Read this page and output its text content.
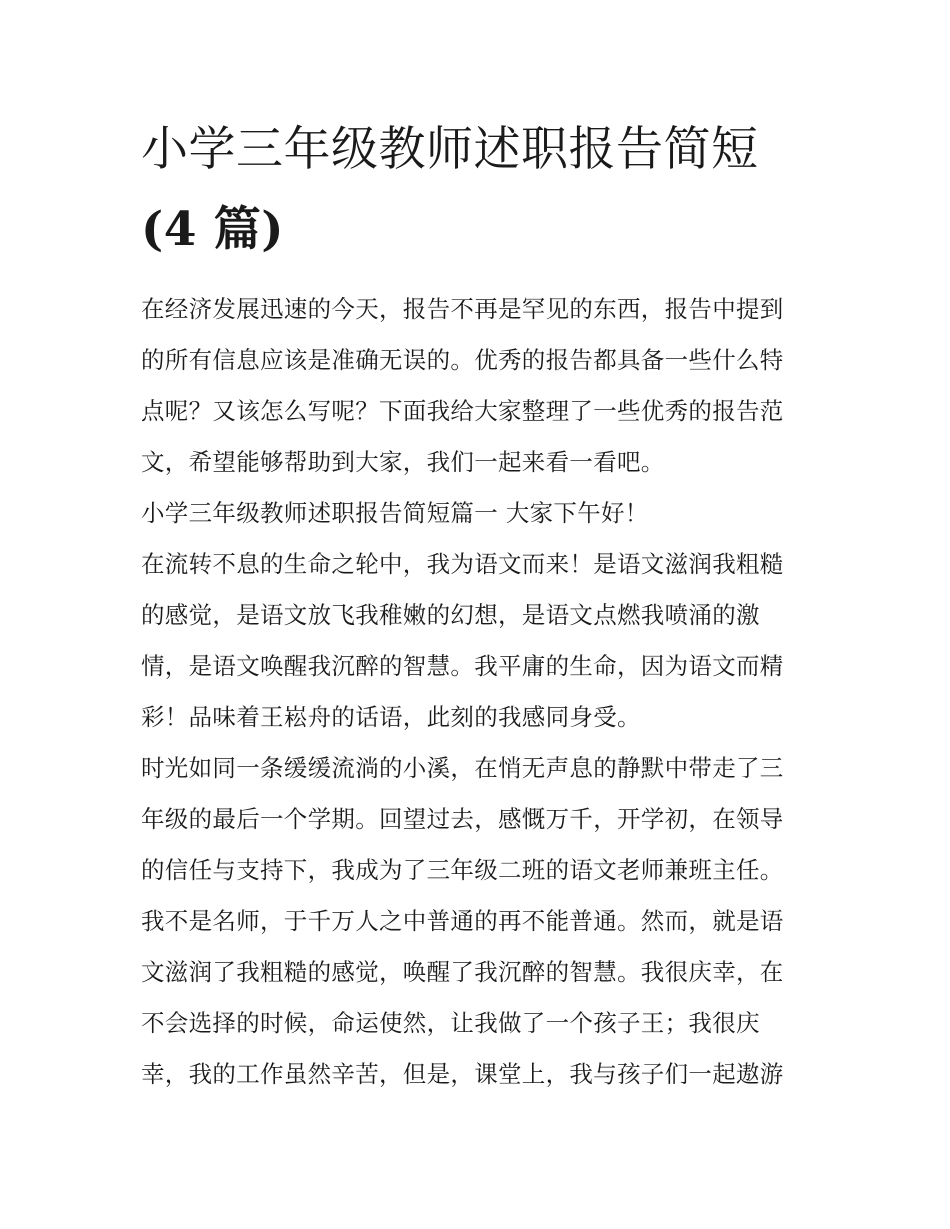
小学三年级教师述职报告简短

(4 篇)

在经济发展迅速的今天，报告不再是罕见的东西，报告中提到
的所有信息应该是准确无误的。优秀的报告都具备一些什么特
点呢？又该怎么写呢？下面我给大家整理了一些优秀的报告范
文，希望能够帮助到大家，我们一起来看一看吧。

小学三年级教师述职报告简短篇一 大家下午好！

在流转不息的生命之轮中，我为语文而来！是语文滋润我粗糙
的感觉，是语文放飞我稚嫩的幻想，是语文点燃我喷涌的激
情，是语文唤醒我沉醉的智慧。我平庸的生命，因为语文而精
彩！品味着王崧舟的话语，此刻的我感同身受。

时光如同一条缓缓流淌的小溪，在悄无声息的静默中带走了三
年级的最后一个学期。回望过去，感慨万千，开学初，在领导
的信任与支持下，我成为了三年级二班的语文老师兼班主任。
我不是名师，于千万人之中普通的再不能普通。然而，就是语
文滋润了我粗糙的感觉，唤醒了我沉醉的智慧。我很庆幸，在
不会选择的时候，命运使然，让我做了一个孩子王；我很庆
幸，我的工作虽然辛苦，但是，课堂上，我与孩子们一起遨游
